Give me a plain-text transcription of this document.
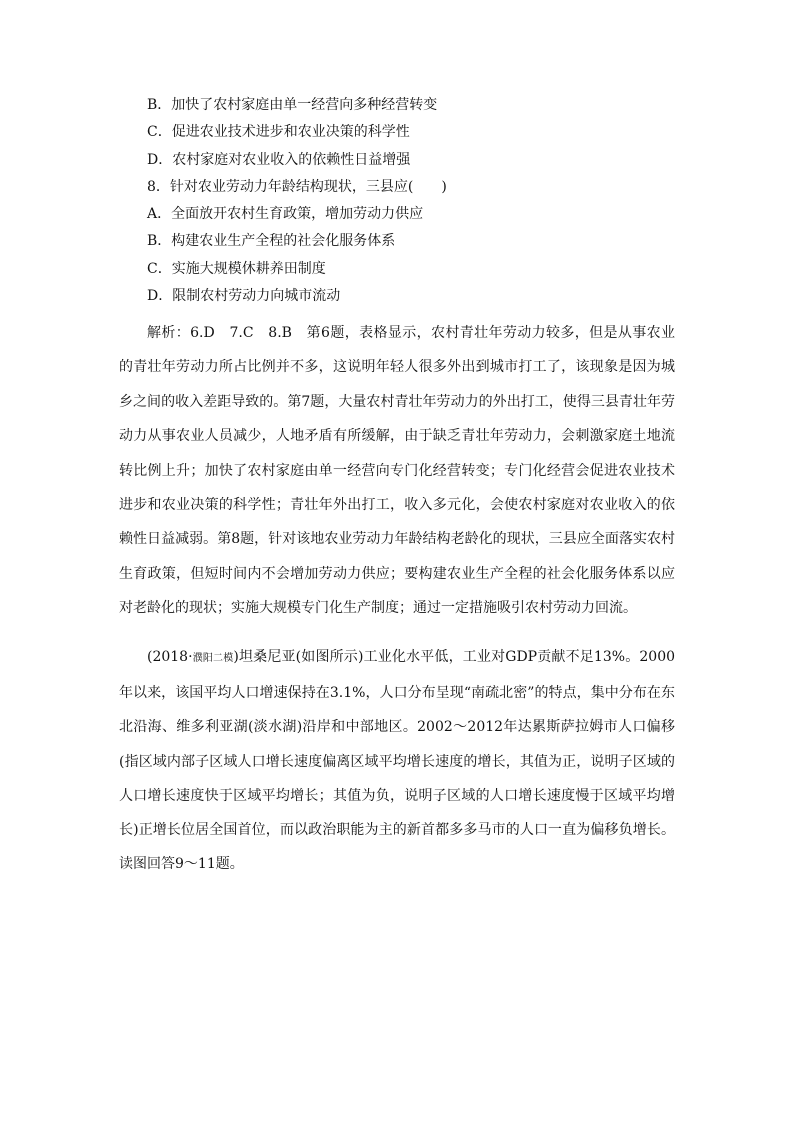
B．加快了农村家庭由单一经营向多种经营转变
C．促进农业技术进步和农业决策的科学性
D．农村家庭对农业收入的依赖性日益增强
8．针对农业劳动力年龄结构现状，三县应(　　)
A．全面放开农村生育政策，增加劳动力供应
B．构建农业生产全程的社会化服务体系
C．实施大规模休耕养田制度
D．限制农村劳动力向城市流动

解析：6.D　7.C　8.B　第6题，表格显示，农村青壮年劳动力较多，但是从事农业的青壮年劳动力所占比例并不多，这说明年轻人很多外出到城市打工了，该现象是因为城乡之间的收入差距导致的。第7题，大量农村青壮年劳动力的外出打工，使得三县青壮年劳动力从事农业人员减少，人地矛盾有所缓解，由于缺乏青壮年劳动力，会刺激家庭土地流转比例上升；加快了农村家庭由单一经营向专门化经营转变；专门化经营会促进农业技术进步和农业决策的科学性；青壮年外出打工，收入多元化，会使农村家庭对农业收入的依赖性日益减弱。第8题，针对该地农业劳动力年龄结构老龄化的现状，三县应全面落实农村生育政策，但短时间内不会增加劳动力供应；要构建农业生产全程的社会化服务体系以应对老龄化的现状；实施大规模专门化生产制度；通过一定措施吸引农村劳动力回流。

(2018·濮阳二模)坦桑尼亚(如图所示)工业化水平低，工业对GDP贡献不足13%。2000年以来，该国平均人口增速保持在3.1%，人口分布呈现“南疏北密”的特点，集中分布在东北沿海、维多利亚湖(淡水湖)沿岸和中部地区。2002～2012年达累斯萨拉姆市人口偏移(指区域内部子区域人口增长速度偏离区域平均增长速度的增长，其值为正，说明子区域的人口增长速度快于区域平均增长；其值为负，说明子区域的人口增长速度慢于区域平均增长)正增长位居全国首位，而以政治职能为主的新首都多多马市的人口一直为偏移负增长。读图回答9～11题。
